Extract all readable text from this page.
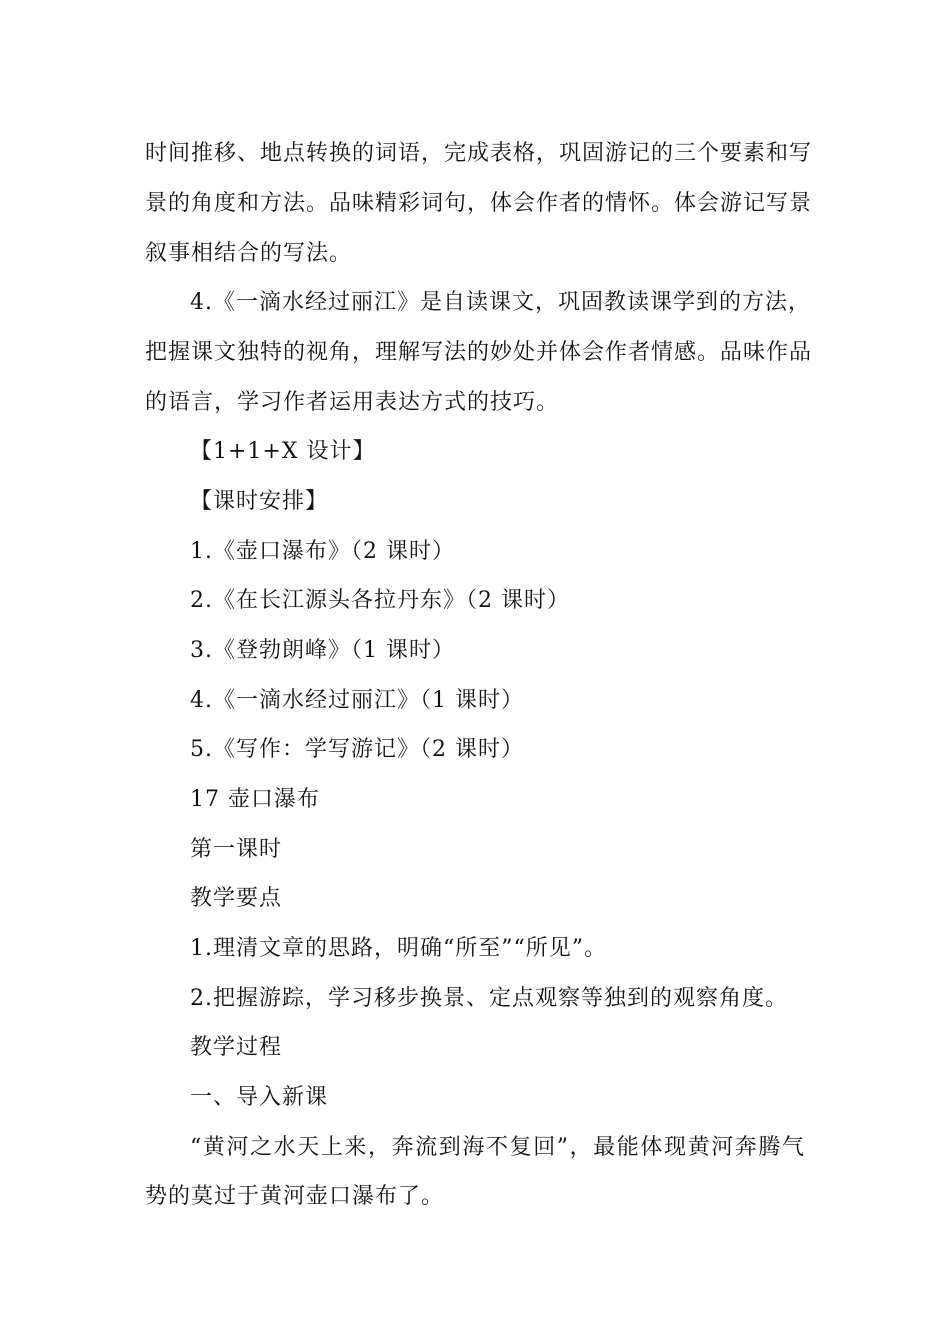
时间推移、地点转换的词语，完成表格，巩固游记的三个要素和写
景的角度和方法。品味精彩词句，体会作者的情怀。体会游记写景
叙事相结合的写法。
4.《一滴水经过丽江》是自读课文，巩固教读课学到的方法，
把握课文独特的视角，理解写法的妙处并体会作者情感。品味作品
的语言，学习作者运用表达方式的技巧。
【1+1+X 设计】
【课时安排】
1.《壶口瀑布》（2 课时）
2.《在长江源头各拉丹东》（2 课时）
3.《登勃朗峰》（1 课时）
4.《一滴水经过丽江》（1 课时）
5.《写作：学写游记》（2 课时）
17 壶口瀑布
第一课时
教学要点
1.理清文章的思路，明确“所至”“所见”。
2.把握游踪，学习移步换景、定点观察等独到的观察角度。
教学过程
一、导入新课
“黄河之水天上来，奔流到海不复回”，最能体现黄河奔腾气
势的莫过于黄河壶口瀑布了。
